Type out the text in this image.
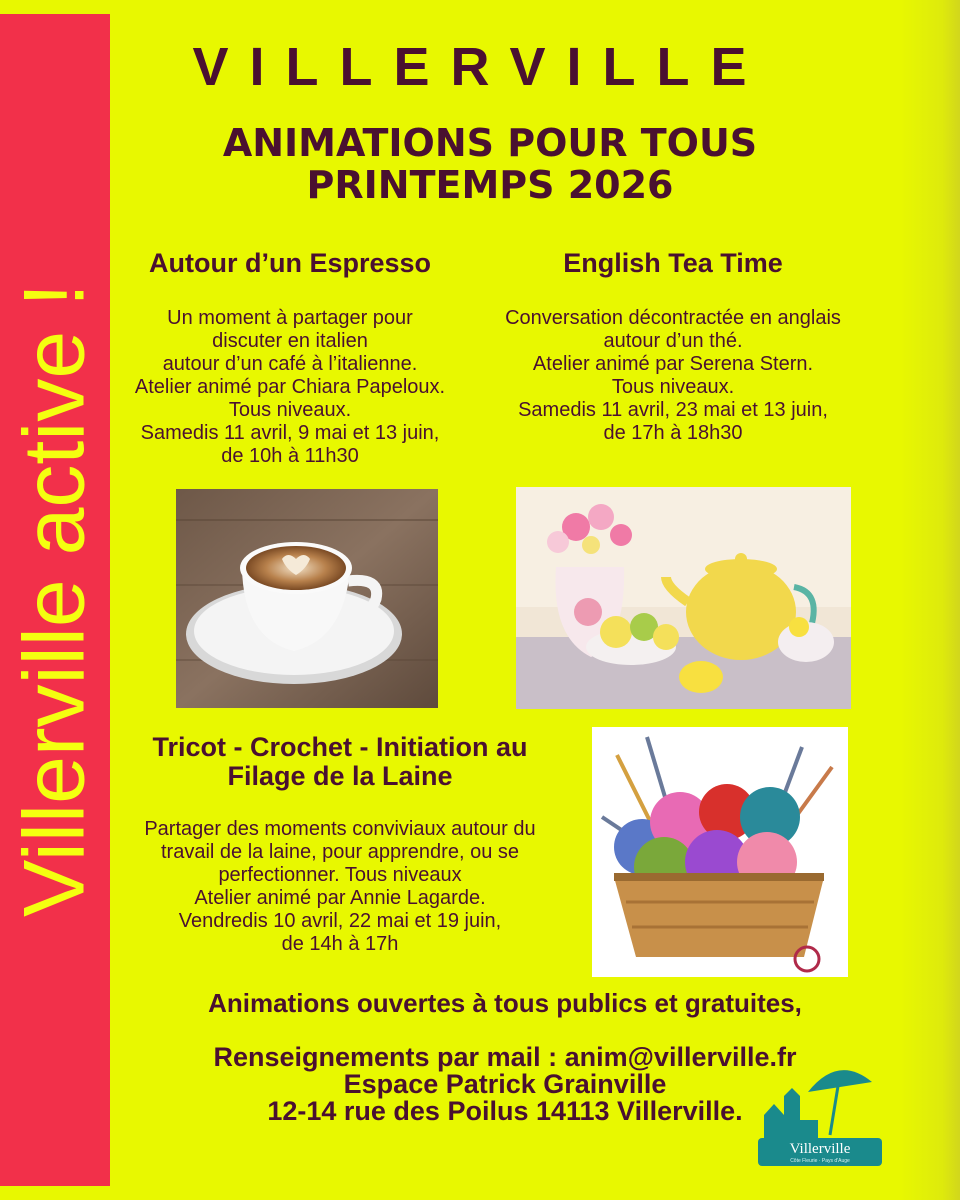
Villerville active !
VILLERVILLE
ANIMATIONS POUR TOUS
PRINTEMPS 2026
Autour d’un Espresso
Un moment à partager pour
discuter en italien
autour d’un café à l’italienne.
Atelier animé par Chiara Papeloux.
Tous niveaux.
Samedis 11 avril, 9 mai et 13 juin,
de 10h à 11h30
English Tea Time
Conversation décontractée en anglais
autour d’un thé.
Atelier animé par Serena Stern.
Tous niveaux.
Samedis 11 avril, 23 mai et 13 juin,
de 17h à 18h30
Tricot - Crochet - Initiation au
Filage de la Laine
Partager des moments conviviaux autour du
travail de la laine, pour apprendre, ou se
perfectionner. Tous niveaux
Atelier animé par Annie Lagarde.
Vendredis 10 avril, 22 mai et 19 juin,
de 14h à 17h
Animations ouvertes à tous publics et gratuites,
Renseignements par mail : anim@villerville.fr
Espace Patrick Grainville
12-14 rue des Poilus 14113 Villerville.
Villerville
Côte Fleurie · Pays d'Auge
